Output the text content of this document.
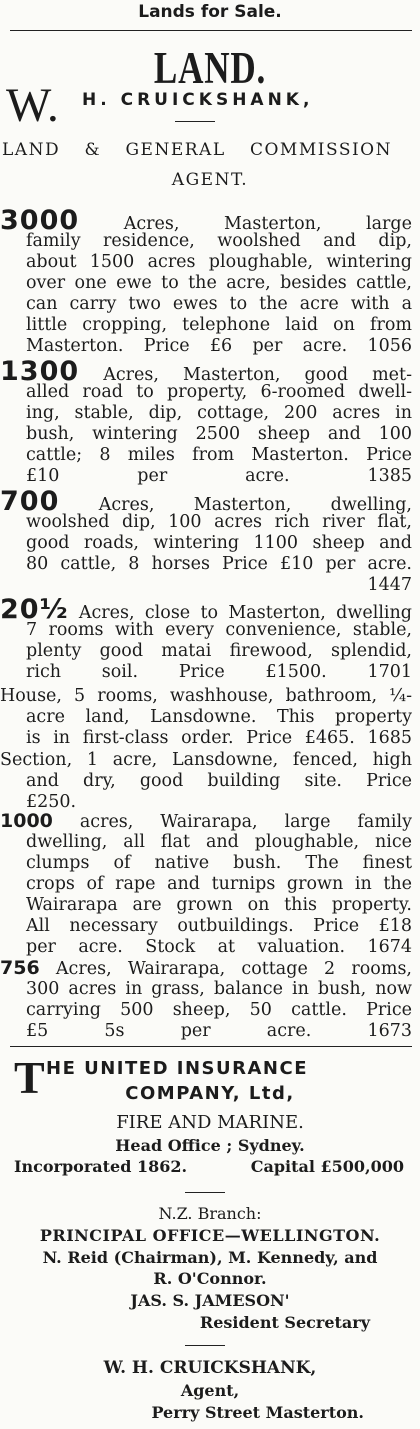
Lands for Sale.
LAND.
W. H. CRUICKSHANK,
LAND & GENERAL COMMISSION
AGENT.
3000	Acres, Masterton, large
family residence, woolshed and dip,
about 1500 acres ploughable, wintering
over one ewe to the acre, besides cattle,
can carry two ewes to the acre with a
little cropping, telephone laid on from
Masterton. Price £6 per acre. 1056
1300 Acres, Masterton, good met-
alled road to property, 6-roomed dwell-
ing, stable, dip, cottage, 200 acres in
bush, wintering 2500 sheep and 100
cattle; 8 miles from Masterton. Price
£10 per acre. 1385
700 Acres, Masterton, dwelling,
woolshed dip, 100 acres rich river flat,
good roads, wintering 1100 sheep and
80 cattle, 8 horses Price £10 per acre.
1447
20½ Acres, close to Masterton, dwelling
7 rooms with every convenience, stable,
plenty good matai firewood, splendid,
rich soil. Price £1500. 1701
House, 5 rooms, washhouse, bathroom, ¼-
acre land, Lansdowne. This property
is in first-class order. Price £465. 1685
Section, 1 acre, Lansdowne, fenced, high
and dry, good building site. Price
£250.
1000 acres, Wairarapa, large family
dwelling, all flat and ploughable, nice
clumps of native bush. The finest
crops of rape and turnips grown in the
Wairarapa are grown on this property.
All necessary outbuildings. Price £18
per acre. Stock at valuation. 1674
756 Acres, Wairarapa, cottage 2 rooms,
300 acres in grass, balance in bush, now
carrying 500 sheep, 50 cattle. Price
£5 5s per acre. 1673
T HE UNITED INSURANCE
COMPANY, Ltd,
FIRE AND MARINE.
Head Office ; Sydney.
Incorporated 1862.	Capital £500,000
N.Z. Branch:
PRINCIPAL OFFICE—WELLINGTON.
N. Reid (Chairman), M. Kennedy, and
R. O'Connor.
JAS. S. JAMESON'
Resident Secretary
W. H. CRUICKSHANK,
Agent,
Perry Street Masterton.
